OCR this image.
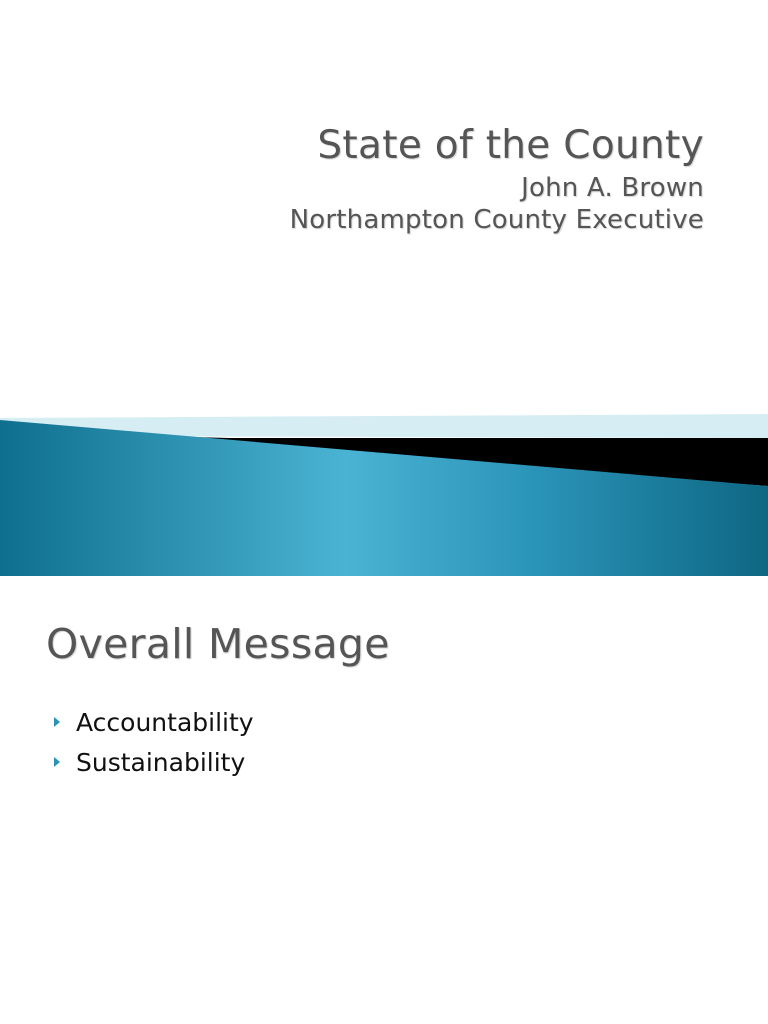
State of the County
John A. Brown
Northampton County Executive
Overall Message
Accountability
Sustainability
